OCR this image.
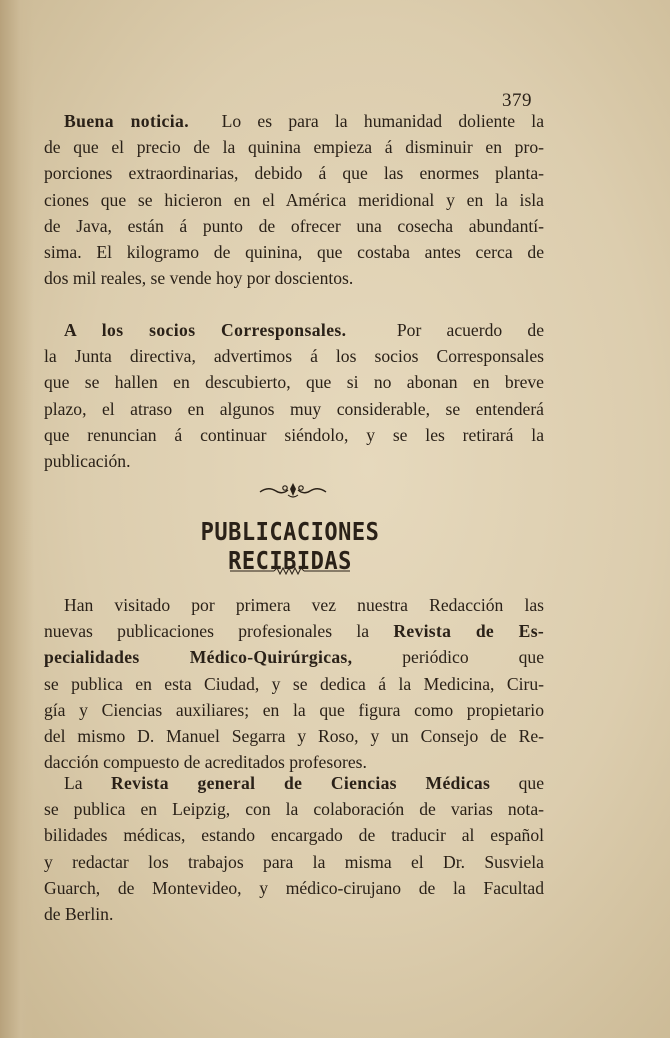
379
Buena noticia. Lo es para la humanidad doliente la
de que el precio de la quinina empieza á disminuir en pro-
porciones extraordinarias, debido á que las enormes planta-
ciones que se hicieron en el América meridional y en la isla
de Java, están á punto de ofrecer una cosecha abundantí-
sima. El kilogramo de quinina, que costaba antes cerca de
dos mil reales, se vende hoy por doscientos.
A los socios Corresponsales.	Por acuerdo de
la Junta directiva, advertimos á los socios Corresponsales
que se hallen en descubierto, que si no abonan en breve
plazo, el atraso en algunos muy considerable, se entenderá
que renuncian á continuar siéndolo, y se les retirará la
publicación.
PUBLICACIONES RECIBIDAS
Han visitado por primera vez nuestra Redacción las
nuevas publicaciones profesionales la Revista de Es-
pecialidades Médico-Quirúrgicas,	periódico que
se publica en esta Ciudad, y se dedica á la Medicina, Ciru-
gía y Ciencias auxiliares; en la que figura como propietario
del mismo D. Manuel Segarra y Roso, y un Consejo de Re-
dacción compuesto de acreditados profesores.
La Revista general de Ciencias Médicas que
se publica en Leipzig, con la colaboración de varias nota-
bilidades médicas, estando encargado de traducir al español
y redactar los trabajos para la misma el Dr. Susviela
Guarch, de Montevideo, y médico-cirujano de la Facultad
de Berlin.
